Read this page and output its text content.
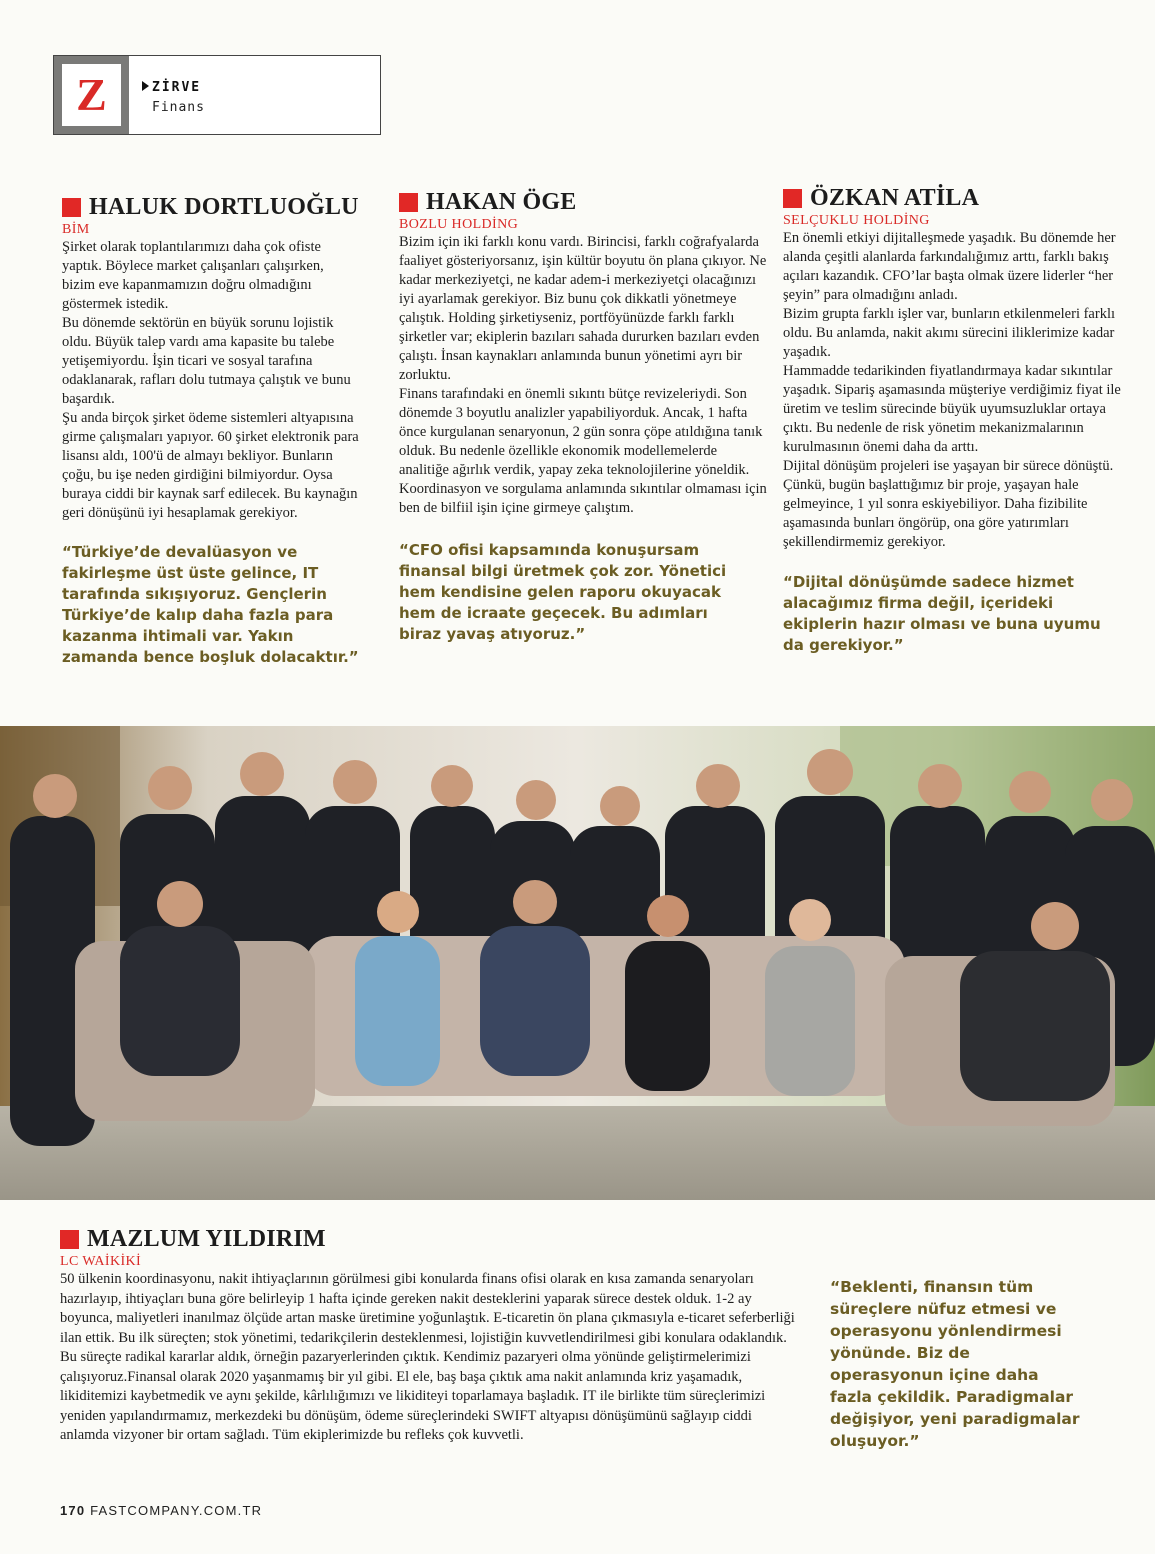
Z	ZİRVE
Finans
HALUK DORTLUOĞLU
BİM

Şirket olarak toplantılarımızı daha çok ofiste yaptık. Böylece market çalışanları çalışırken, bizim eve kapanmamızın doğru olmadığını göstermek istedik.

Bu dönemde sektörün en büyük sorunu lojistik oldu. Büyük talep vardı ama kapasite bu talebe yetişemiyordu. İşin ticari ve sosyal tarafına odaklanarak, rafları dolu tutmaya çalıştık ve bunu başardık.

Şu anda birçok şirket ödeme sistemleri altyapısına girme çalışmaları yapıyor. 60 şirket elektronik para lisansı aldı, 100'ü de almayı bekliyor. Bunların çoğu, bu işe neden girdiğini bilmiyordur. Oysa buraya ciddi bir kaynak sarf edilecek. Bu kaynağın geri dönüşünü iyi hesaplamak gerekiyor.

“Türkiye’de devalüasyon ve fakirleşme üst üste gelince, IT tarafında sıkışıyoruz. Gençlerin Türkiye’de kalıp daha fazla para kazanma ihtimali var. Yakın zamanda bence boşluk dolacaktır.”
HAKAN ÖGE
BOZLU HOLDİNG

Bizim için iki farklı konu vardı. Birincisi, farklı coğrafyalarda faaliyet gösteriyorsanız, işin kültür boyutu ön plana çıkıyor. Ne kadar merkeziyetçi, ne kadar adem-i merkeziyetçi olacağınızı iyi ayarlamak gerekiyor. Biz bunu çok dikkatli yönetmeye çalıştık. Holding şirketiyseniz, portföyünüzde farklı farklı şirketler var; ekiplerin bazıları sahada dururken bazıları evden çalıştı. İnsan kaynakları anlamında bunun yönetimi ayrı bir zorluktu.

Finans tarafındaki en önemli sıkıntı bütçe revizeleriydi. Son dönemde 3 boyutlu analizler yapabiliyorduk. Ancak, 1 hafta önce kurgulanan senaryonun, 2 gün sonra çöpe atıldığına tanık olduk. Bu nedenle özellikle ekonomik modellemelerde analitiğe ağırlık verdik, yapay zeka teknolojilerine yöneldik. Koordinasyon ve sorgulama anlamında sıkıntılar olmaması için ben de bilfiil işin içine girmeye çalıştım.

“CFO ofisi kapsamında konuşursam finansal bilgi üretmek çok zor. Yönetici hem kendisine gelen raporu okuyacak hem de icraate geçecek. Bu adımları biraz yavaş atıyoruz.”
ÖZKAN ATİLA
SELÇUKLU HOLDİNG

En önemli etkiyi dijitalleşmede yaşadık. Bu dönemde her alanda çeşitli alanlarda farkındalığımız arttı, farklı bakış açıları kazandık. CFO’lar başta olmak üzere liderler “her şeyin” para olmadığını anladı.

Bizim grupta farklı işler var, bunların etkilenmeleri farklı oldu. Bu anlamda, nakit akımı sürecini iliklerimize kadar yaşadık.

Hammadde tedarikinden fiyatlandırmaya kadar sıkıntılar yaşadık. Sipariş aşamasında müşteriye verdiğimiz fiyat ile üretim ve teslim sürecinde büyük uyumsuzluklar ortaya çıktı. Bu nedenle de risk yönetim mekanizmalarının kurulmasının önemi daha da arttı.

Dijital dönüşüm projeleri ise yaşayan bir sürece dönüştü. Çünkü, bugün başlattığımız bir proje, yaşayan hale gelmeyince, 1 yıl sonra eskiyebiliyor. Daha fizibilite aşamasında bunları öngörüp, ona göre yatırımları şekillendirmemiz gerekiyor.

“Dijital dönüşümde sadece hizmet alacağımız firma değil, içerideki ekiplerin hazır olması ve buna uyumu da gerekiyor.”
MAZLUM YILDIRIM
LC WAİKİKİ
50 ülkenin koordinasyonu, nakit ihtiyaçlarının görülmesi gibi konularda finans ofisi olarak en kısa zamanda senaryoları hazırlayıp, ihtiyaçları buna göre belirleyip 1 hafta içinde gereken nakit desteklerini yaparak sürece destek olduk. 1-2 ay boyunca, maliyetleri inanılmaz ölçüde artan maske üretimine yoğunlaştık. E-ticaretin ön plana çıkmasıyla e-ticaret seferberliği ilan ettik. Bu ilk süreçten; stok yönetimi, tedarikçilerin desteklenmesi, lojistiğin kuvvetlendirilmesi gibi konulara odaklandık. Bu süreçte radikal kararlar aldık, örneğin pazaryerlerinden çıktık. Kendimiz pazaryeri olma yönünde geliştirmelerimizi çalışıyoruz.Finansal olarak 2020 yaşanmamış bir yıl gibi. El ele, baş başa çıktık ama nakit anlamında kriz yaşamadık, likiditemizi kaybetmedik ve aynı şekilde, kârlılığımızı ve likiditeyi toparlamaya başladık. IT ile birlikte tüm süreçlerimizi yeniden yapılandırmamız, merkezdeki bu dönüşüm, ödeme süreçlerindeki SWIFT altyapısı dönüşümünü sağlayıp ciddi anlamda vizyoner bir ortam sağladı. Tüm ekiplerimizde bu refleks çok kuvvetli.
“Beklenti, finansın tüm süreçlere nüfuz etmesi ve operasyonu yönlendirmesi yönünde. Biz de operasyonun içine daha fazla çekildik. Paradigmalar değişiyor, yeni paradigmalar oluşuyor.”
170 FASTCOMPANY.COM.TR
